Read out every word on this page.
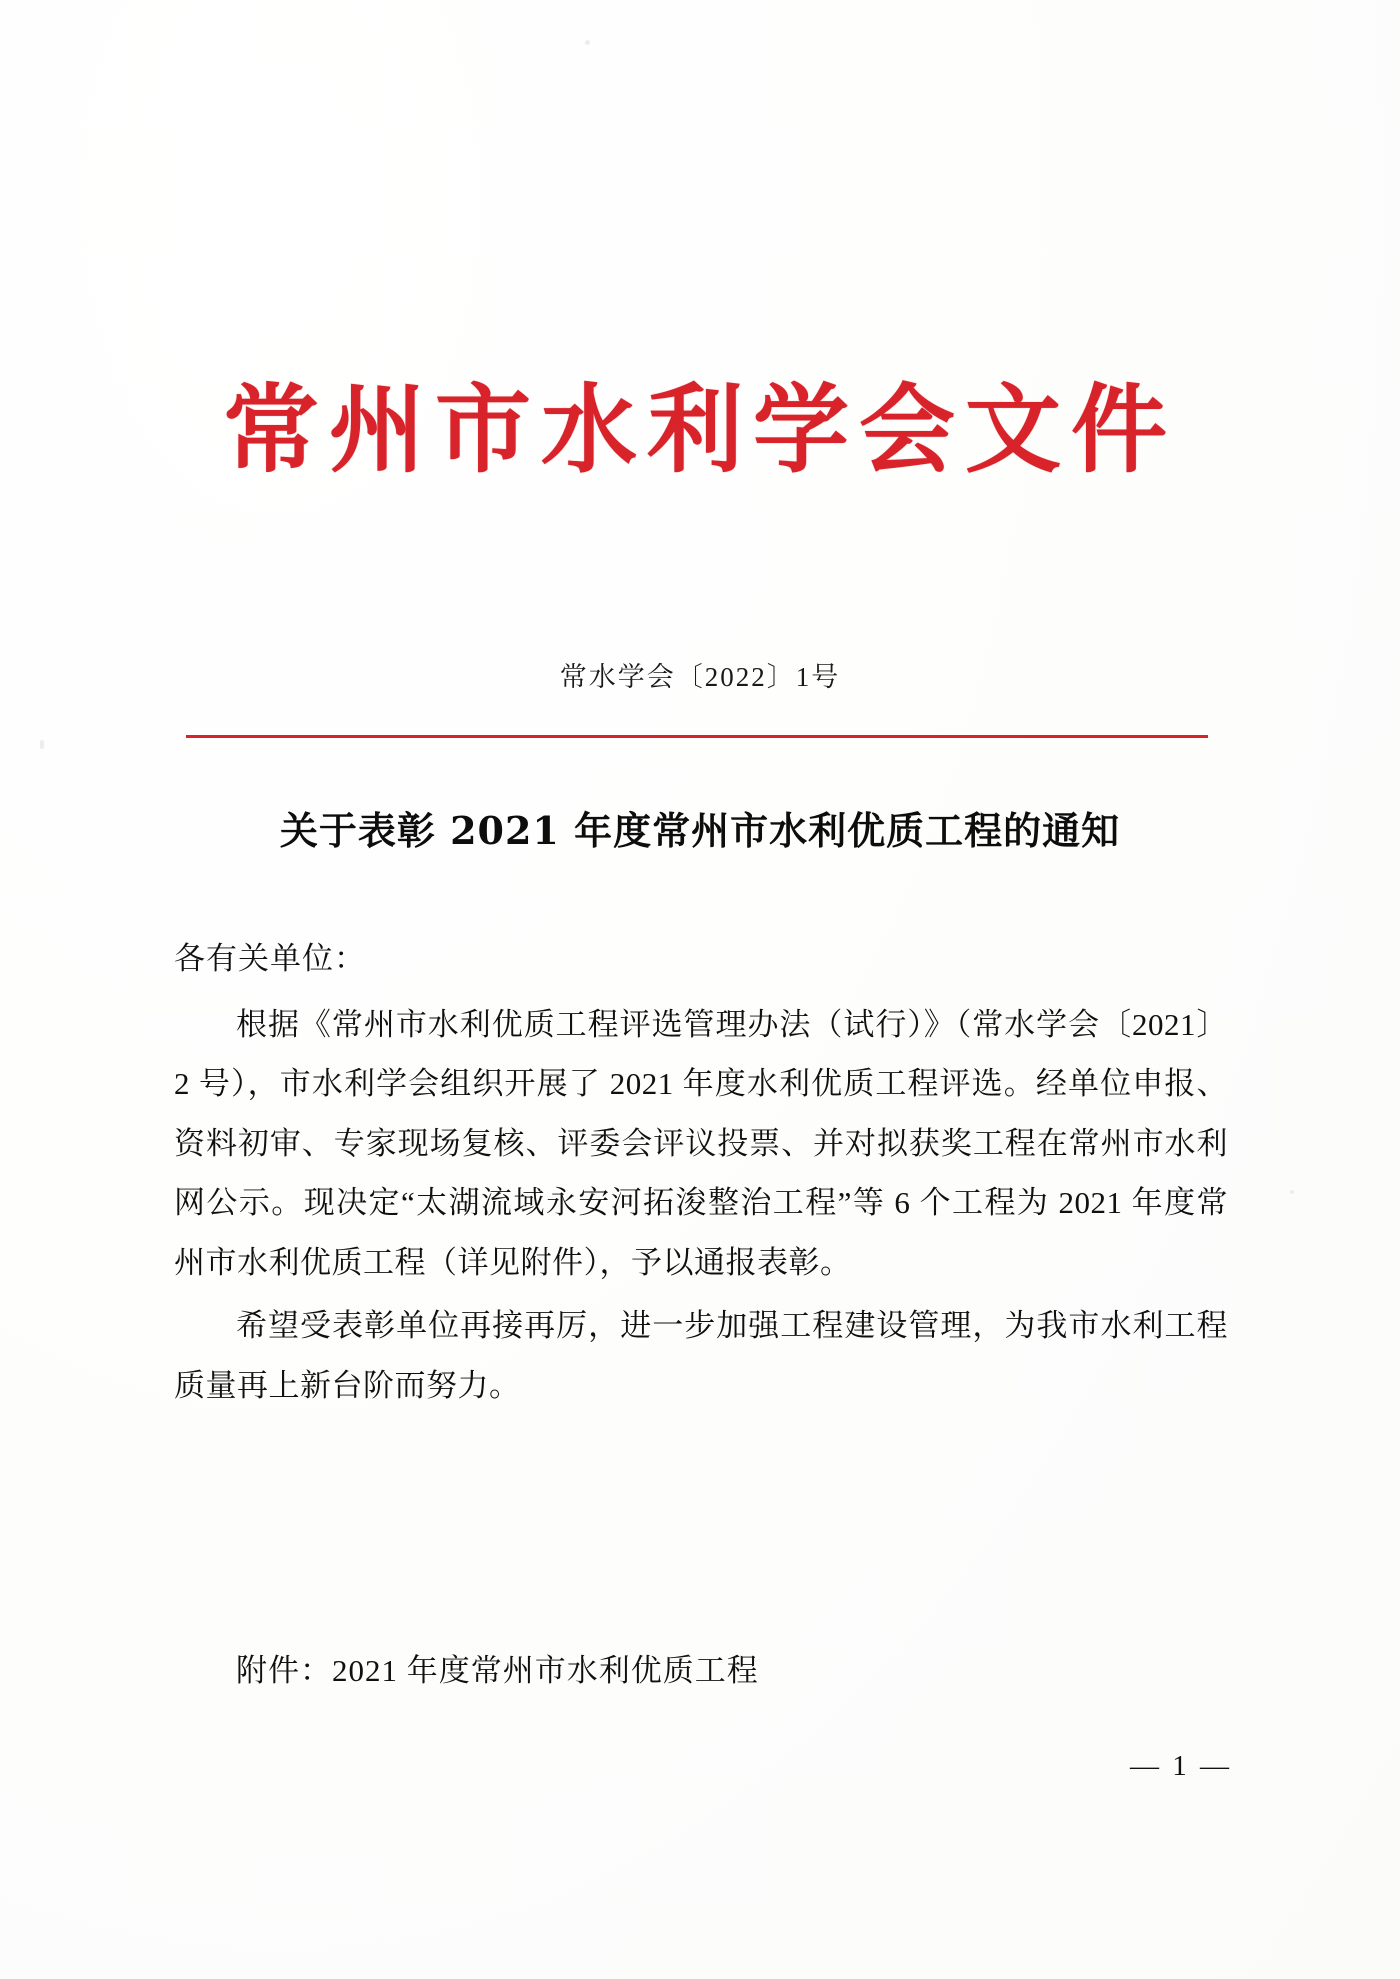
常州市水利学会文件
常水学会〔2022〕1号
关于表彰 2021 年度常州市水利优质工程的通知

各有关单位：

根据《常州市水利优质工程评选管理办法（试行）》（常水学会〔2021〕2 号），市水利学会组织开展了 2021 年度水利优质工程评选。经单位申报、资料初审、专家现场复核、评委会评议投票、并对拟获奖工程在常州市水利网公示。现决定“太湖流域永安河拓浚整治工程”等 6 个工程为 2021 年度常州市水利优质工程（详见附件），予以通报表彰。

希望受表彰单位再接再厉，进一步加强工程建设管理，为我市水利工程质量再上新台阶而努力。

附件：2021 年度常州市水利优质工程
— 1 —
